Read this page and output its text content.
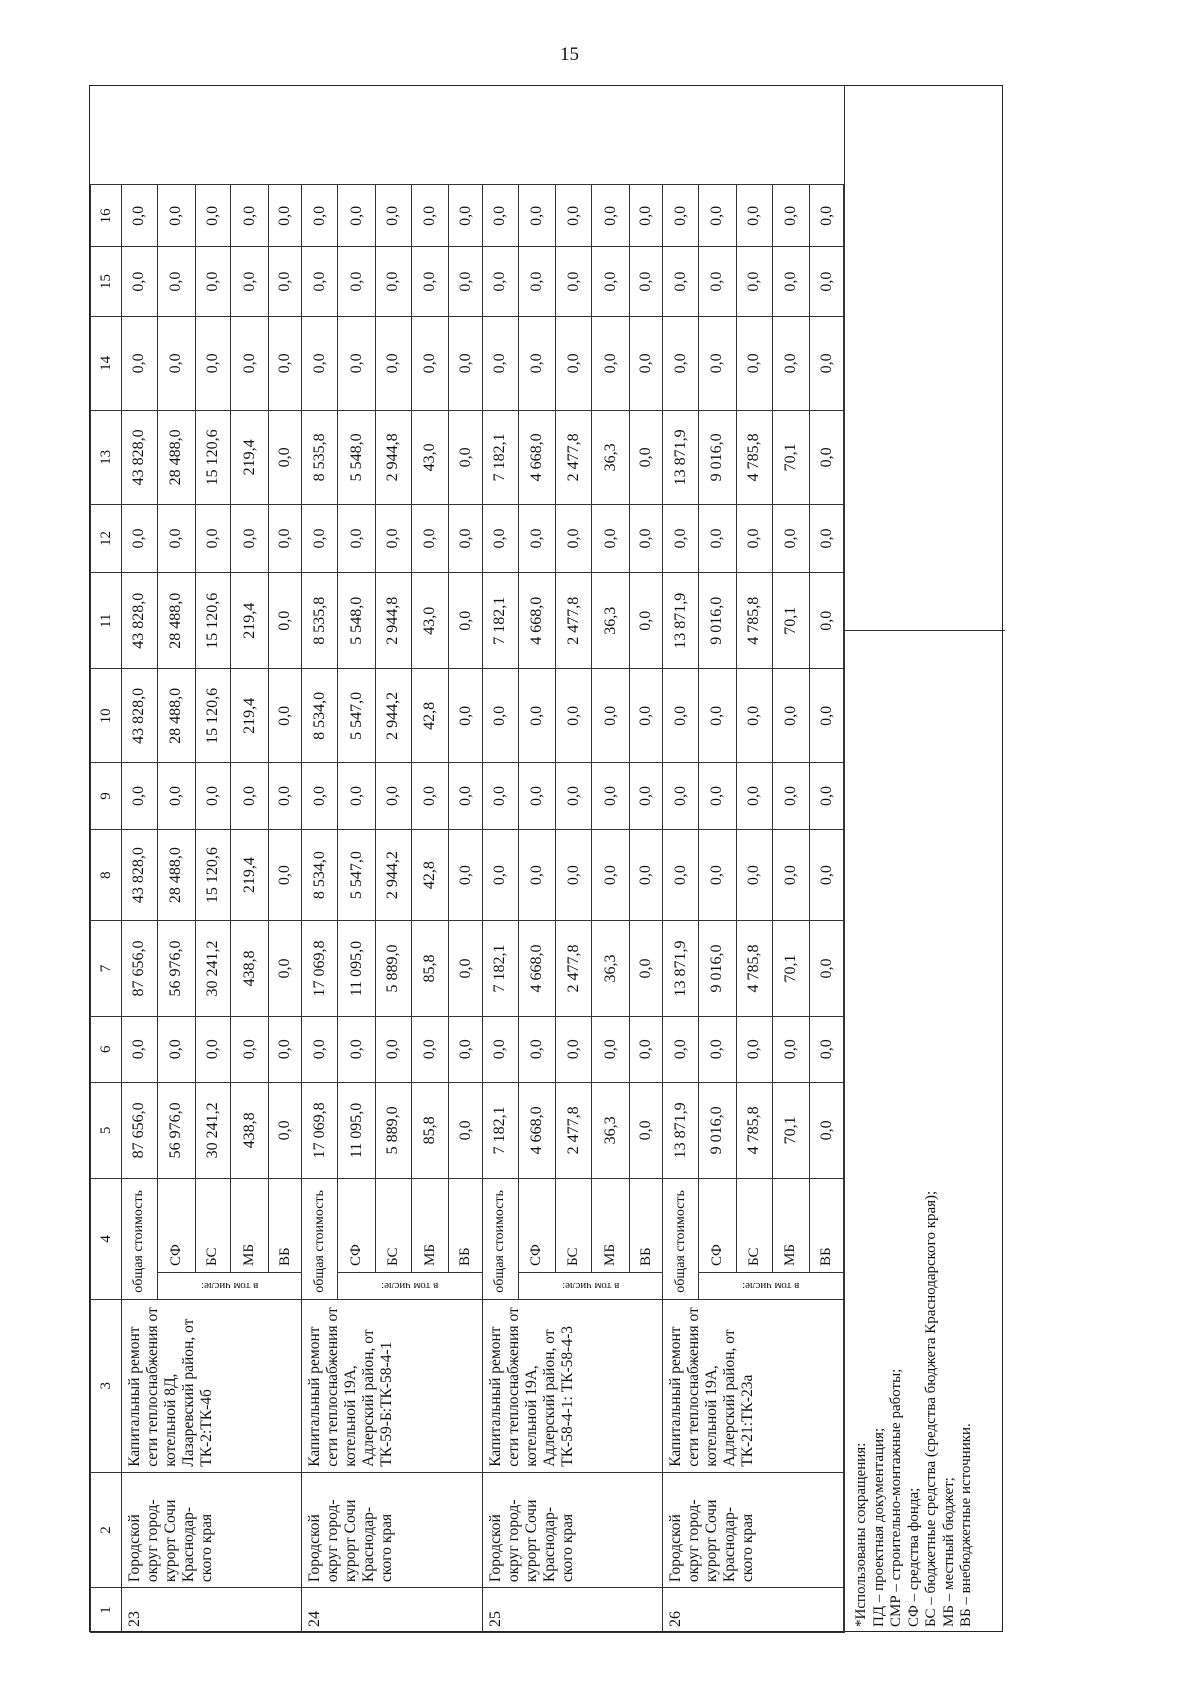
15
1	2	3	4		5	6	7	8	9	10	11	12	13	14	15	16
23	Городской округ город-курорт Сочи Краснодар-ского края	Капитальный ремонт сети теплоснабжения от котельной 8Д, Лазаревский район, от ТК-2:ТК-4б	общая стоимость		87 656,0	0,0	87 656,0	43 828,0	0,0	43 828,0	43 828,0	0,0	43 828,0	0,0	0,0	0,0

			в том числе:	СФ	56 976,0	0,0	56 976,0	28 488,0	0,0	28 488,0	28 488,0	0,0	28 488,0	0,0	0,0	0,0
				БС	30 241,2	0,0	30 241,2	15 120,6	0,0	15 120,6	15 120,6	0,0	15 120,6	0,0	0,0	0,0
				МБ	438,8	0,0	438,8	219,4	0,0	219,4	219,4	0,0	219,4	0,0	0,0	0,0
				ВБ	0,0	0,0	0,0	0,0	0,0	0,0	0,0	0,0	0,0	0,0	0,0	0,0
24	Городской округ город-курорт Сочи Краснодар-ского края	Капитальный ремонт сети теплоснабжения от котельной 19А, Адлерский район, от ТК-59-Б:ТК-58-4-1	общая стоимость		17 069,8	0,0	17 069,8	8 534,0	0,0	8 534,0	8 535,8	0,0	8 535,8	0,0	0,0	0,0

			в том числе:	СФ	11 095,0	0,0	11 095,0	5 547,0	0,0	5 547,0	5 548,0	0,0	5 548,0	0,0	0,0	0,0
				БС	5 889,0	0,0	5 889,0	2 944,2	0,0	2 944,2	2 944,8	0,0	2 944,8	0,0	0,0	0,0
				МБ	85,8	0,0	85,8	42,8	0,0	42,8	43,0	0,0	43,0	0,0	0,0	0,0
				ВБ	0,0	0,0	0,0	0,0	0,0	0,0	0,0	0,0	0,0	0,0	0,0	0,0
25	Городской округ город-курорт Сочи Краснодар-ского края	Капитальный ремонт сети теплоснабжения от котельной 19А, Адлерский район, от ТК-58-4-1: ТК-58-4-3	общая стоимость		7 182,1	0,0	7 182,1	0,0	0,0	0,0	7 182,1	0,0	7 182,1	0,0	0,0	0,0

			в том числе:	СФ	4 668,0	0,0	4 668,0	0,0	0,0	0,0	4 668,0	0,0	4 668,0	0,0	0,0	0,0
				БС	2 477,8	0,0	2 477,8	0,0	0,0	0,0	2 477,8	0,0	2 477,8	0,0	0,0	0,0
				МБ	36,3	0,0	36,3	0,0	0,0	0,0	36,3	0,0	36,3	0,0	0,0	0,0
				ВБ	0,0	0,0	0,0	0,0	0,0	0,0	0,0	0,0	0,0	0,0	0,0	0,0
26	Городской округ город-курорт Сочи Краснодар-ского края	Капитальный ремонт сети теплоснабжения от котельной 19А, Адлерский район, от ТК-21:ТК-23а	общая стоимость		13 871,9	0,0	13 871,9	0,0	0,0	0,0	13 871,9	0,0	13 871,9	0,0	0,0	0,0

			в том числе:	СФ	9 016,0	0,0	9 016,0	0,0	0,0	0,0	9 016,0	0,0	9 016,0	0,0	0,0	0,0
				БС	4 785,8	0,0	4 785,8	0,0	0,0	0,0	4 785,8	0,0	4 785,8	0,0	0,0	0,0
				МБ	70,1	0,0	70,1	0,0	0,0	0,0	70,1	0,0	70,1	0,0	0,0	0,0
				ВБ	0,0	0,0	0,0	0,0	0,0	0,0	0,0	0,0	0,0	0,0	0,0	0,0
*Использованы сокращения: ПД – проектная документация; СМР – строительно-монтажные работы; СФ – средства фонда; БС – бюджетные средства (средства бюджета Краснодарского края); МБ – местный бюджет; ВБ – внебюджетные источники.
